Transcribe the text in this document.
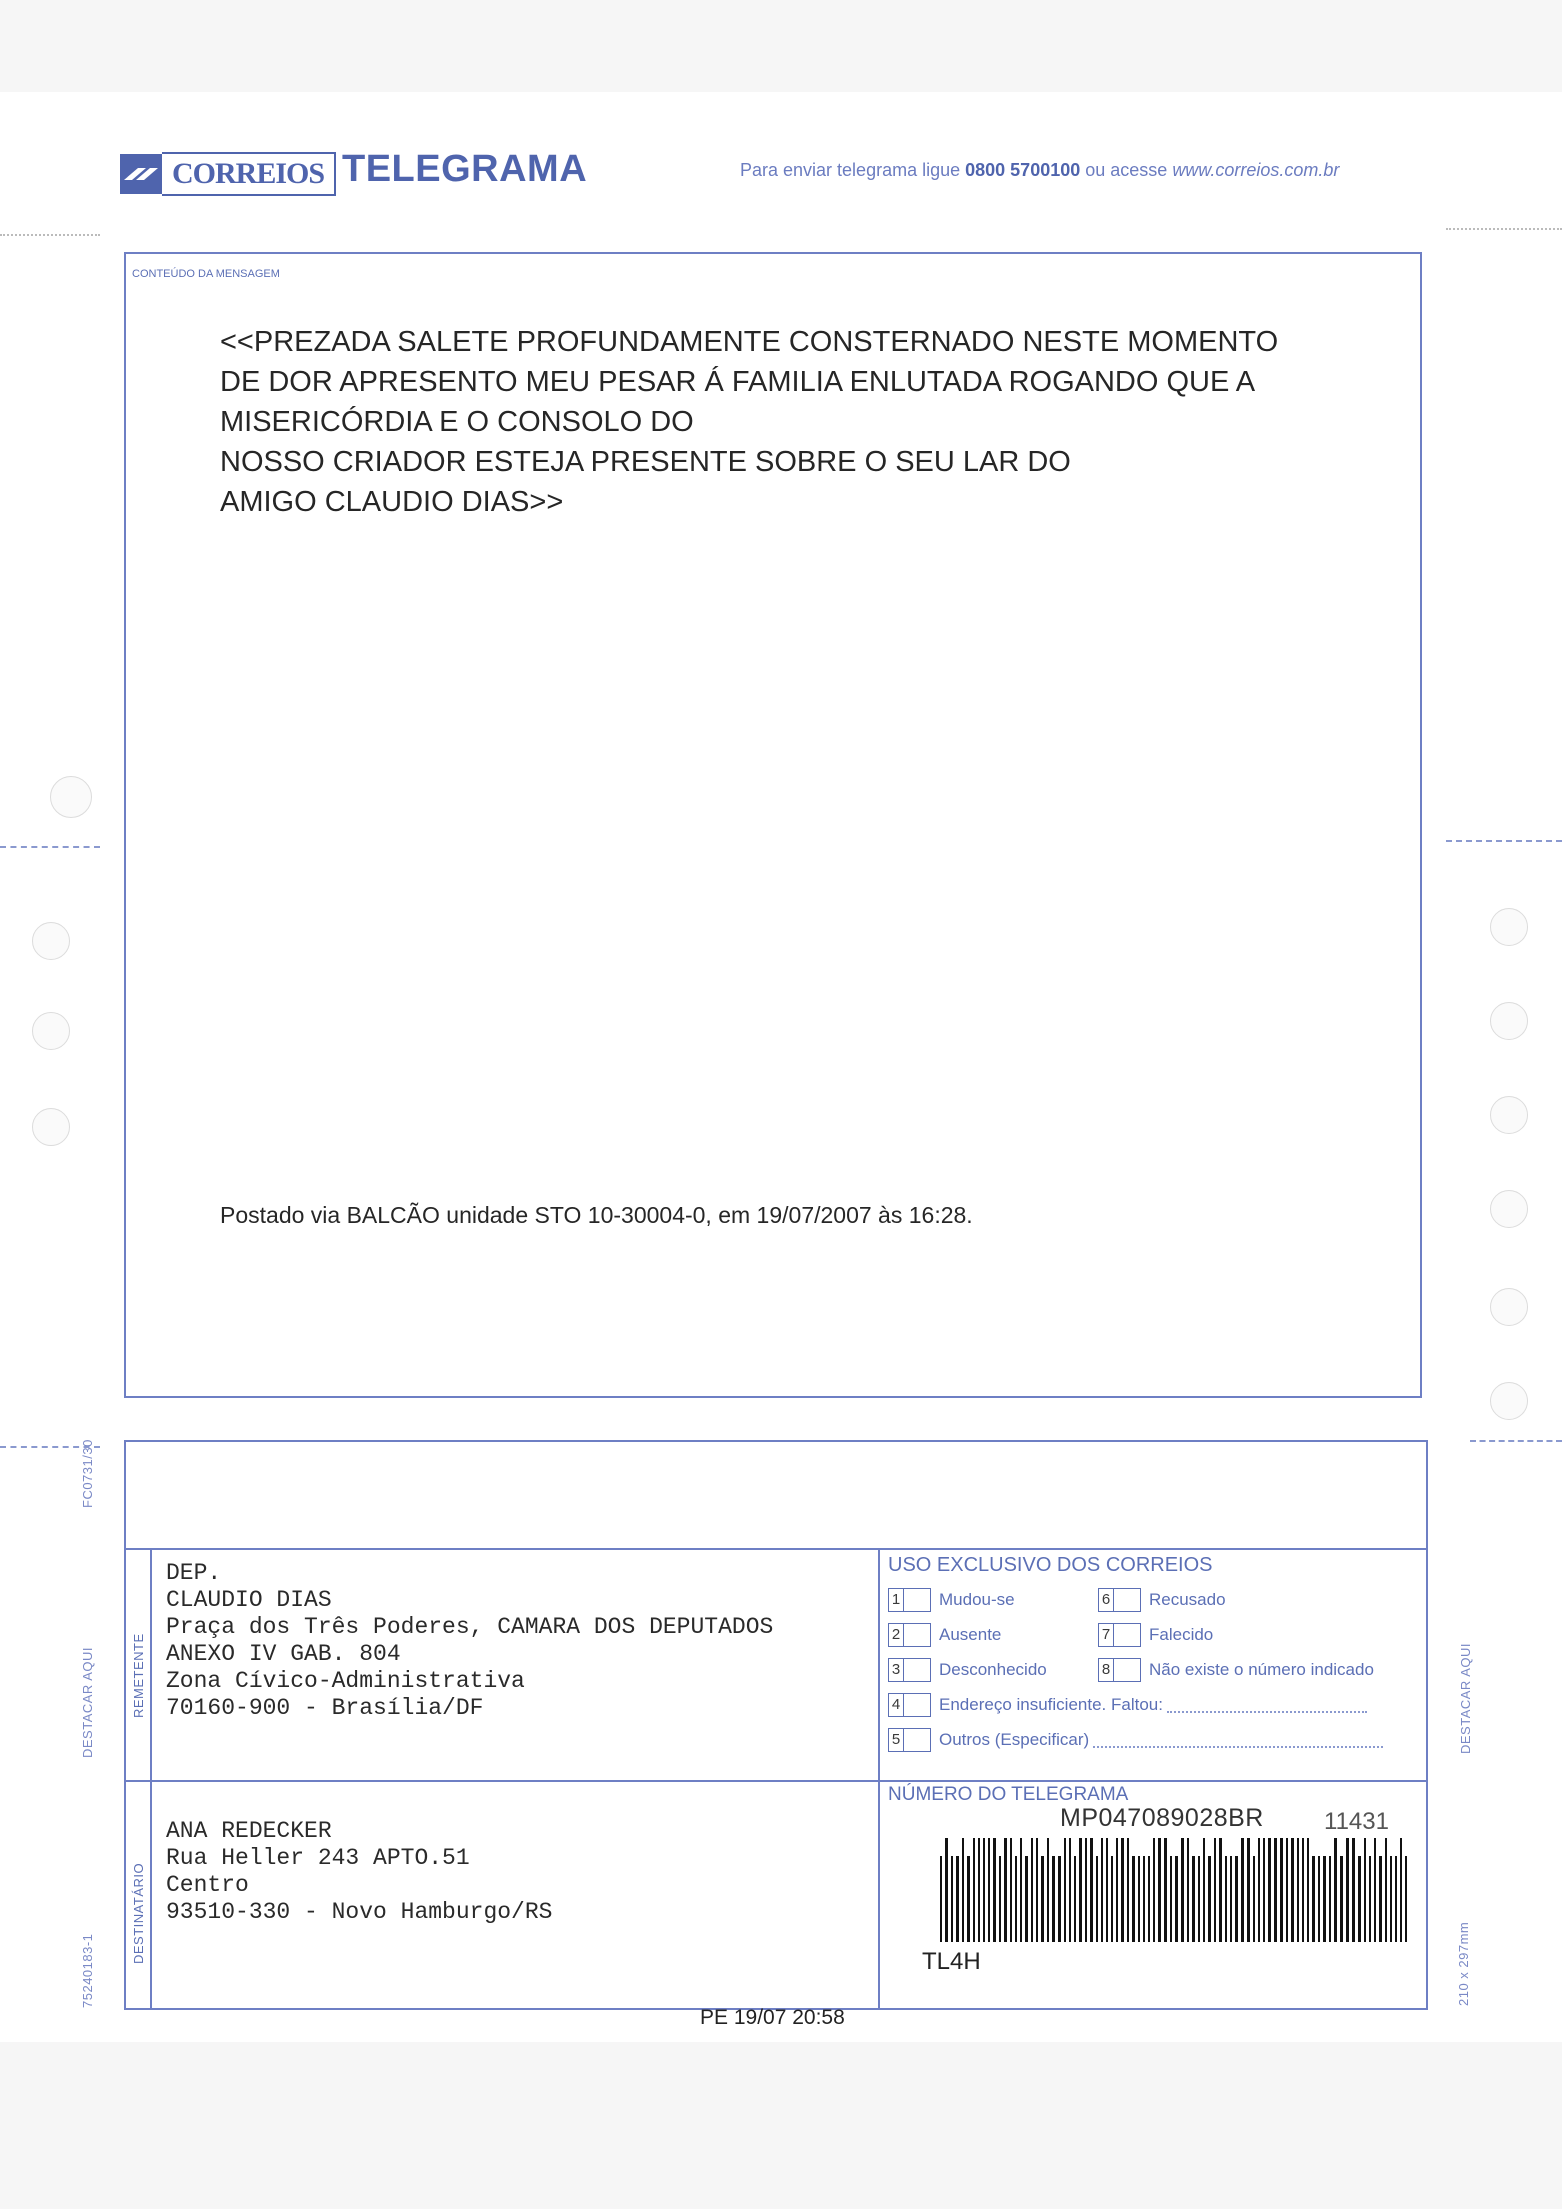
CORREIOS TELEGRAMA	Para enviar telegrama ligue 0800 5700100 ou acesse www.correios.com.br
CONTEÚDO DA MENSAGEM
<<PREZADA SALETE PROFUNDAMENTE CONSTERNADO NESTE MOMENTO
DE DOR APRESENTO MEU PESAR Á FAMILIA ENLUTADA ROGANDO QUE A
MISERICÓRDIA E O CONSOLO DO
NOSSO CRIADOR ESTEJA PRESENTE SOBRE O SEU LAR DO
AMIGO CLAUDIO DIAS>>
Postado via BALCÃO unidade STO 10-30004-0, em 19/07/2007 às 16:28.
REMETENTE
DESTINATÁRIO
DEP.
CLAUDIO DIAS
Praça dos Três Poderes, CAMARA DOS DEPUTADOS
ANEXO IV GAB. 804
Zona Cívico-Administrativa
70160-900 - Brasília/DF
ANA REDECKER
Rua Heller 243 APTO.51
Centro
93510-330 - Novo Hamburgo/RS
USO EXCLUSIVO DOS CORREIOS
1 Mudou-se
2 Ausente
3 Desconhecido
4 Endereço insuficiente. Faltou:
5 Outros (Especificar)
6 Recusado
7 Falecido
8 Não existe o número indicado
NÚMERO DO TELEGRAMA
MP047089028BR	11431
TL4H
PE 19/07 20:58
FC0731/30
DESTACAR AQUI	DESTACAR AQUI
75240183-1	210 x 297mm
